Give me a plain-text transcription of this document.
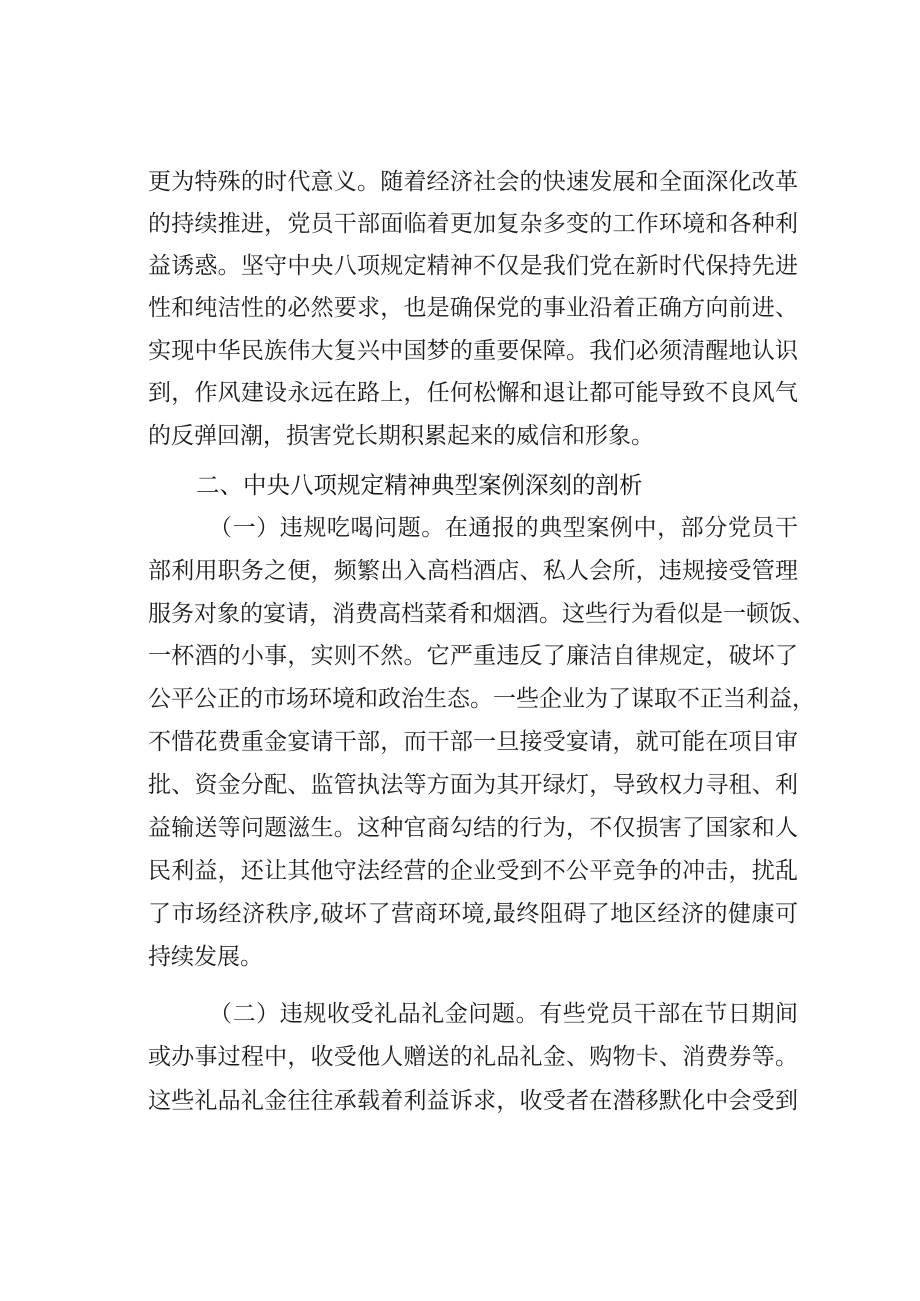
更为特殊的时代意义。随着经济社会的快速发展和全面深化改革
的持续推进，党员干部面临着更加复杂多变的工作环境和各种利
益诱惑。坚守中央八项规定精神不仅是我们党在新时代保持先进
性和纯洁性的必然要求，也是确保党的事业沿着正确方向前进、
实现中华民族伟大复兴中国梦的重要保障。我们必须清醒地认识
到，作风建设永远在路上，任何松懈和退让都可能导致不良风气
的反弹回潮，损害党长期积累起来的威信和形象。
二、中央八项规定精神典型案例深刻的剖析
（一）违规吃喝问题。在通报的典型案例中，部分党员干
部利用职务之便，频繁出入高档酒店、私人会所，违规接受管理
服务对象的宴请，消费高档菜肴和烟酒。这些行为看似是一顿饭、
一杯酒的小事，实则不然。它严重违反了廉洁自律规定，破坏了
公平公正的市场环境和政治生态。一些企业为了谋取不正当利益，
不惜花费重金宴请干部，而干部一旦接受宴请，就可能在项目审
批、资金分配、监管执法等方面为其开绿灯，导致权力寻租、利
益输送等问题滋生。这种官商勾结的行为，不仅损害了国家和人
民利益，还让其他守法经营的企业受到不公平竞争的冲击，扰乱
了市场经济秩序,破坏了营商环境,最终阻碍了地区经济的健康可
持续发展。
（二）违规收受礼品礼金问题。有些党员干部在节日期间
或办事过程中，收受他人赠送的礼品礼金、购物卡、消费券等。
这些礼品礼金往往承载着利益诉求，收受者在潜移默化中会受到
